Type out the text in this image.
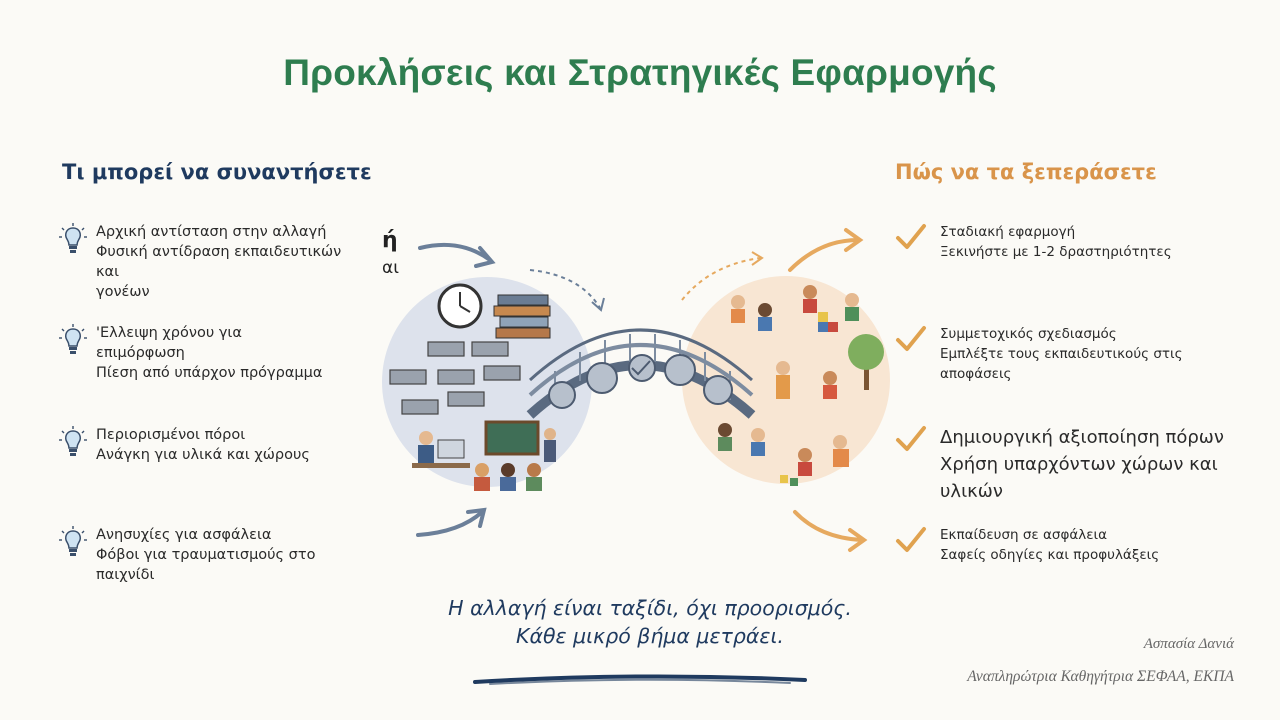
Προκλήσεις και Στρατηγικές Εφαρμογής
Τι μπορεί να συναντήσετε	Πώς να τα ξεπεράσετε
Αρχική αντίσταση στην αλλαγή
Φυσική αντίδραση εκπαιδευτικών και
γονέων
'Ελλειψη χρόνου για
επιμόρφωση
Πίεση από υπάρχον πρόγραμμα
Περιορισμένοι πόροι
Ανάγκη για υλικά και χώρους
Ανησυχίες για ασφάλεια
Φόβοι για τραυματισμούς στο
παιχνίδι
Σταδιακή εφαρμογή
Ξεκινήστε με 1-2 δραστηριότητες
Συμμετοχικός σχεδιασμός
Εμπλέξτε τους εκπαιδευτικούς στις
αποφάσεις
Δημιουργική αξιοποίηση πόρων
Χρήση υπαρχόντων χώρων και
υλικών
Εκπαίδευση σε ασφάλεια
Σαφείς οδηγίες και προφυλάξεις
ή
αι
Η αλλαγή είναι ταξίδι, όχι προορισμός.
Κάθε μικρό βήμα μετράει.	Ασπασία Δανιά
Αναπληρώτρια Καθηγήτρια ΣΕΦΑΑ, ΕΚΠΑ
